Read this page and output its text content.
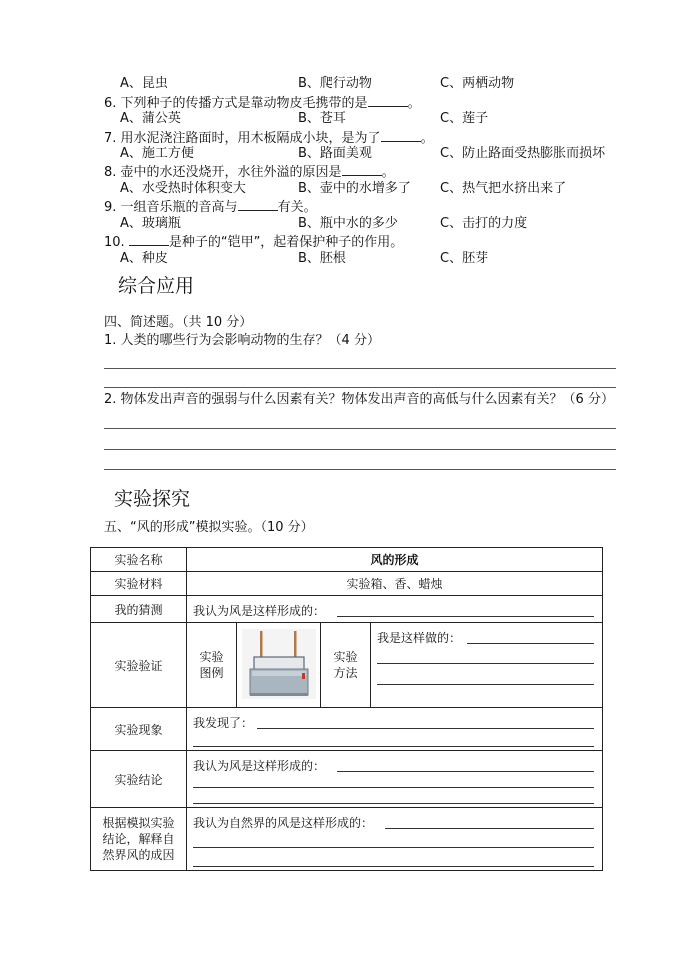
A、昆虫	B、爬行动物	C、两栖动物
6. 下列种子的传播方式是靠动物皮毛携带的是	。
A、蒲公英	B、苍耳	C、莲子
7. 用水泥浇注路面时，用木板隔成小块，是为了	。
A、施工方便	B、路面美观	C、防止路面受热膨胀而损坏
8. 壶中的水还没烧开，水往外溢的原因是	。
A、水受热时体积变大	B、壶中的水增多了 C、热气把水挤出来了
9. 一组音乐瓶的音高与	有关。
A、玻璃瓶	B、瓶中水的多少	C、击打的力度
10.	是种子的“铠甲”，起着保护种子的作用。
A、种皮	B、胚根	C、胚芽
综合应用
四、简述题。（共 10 分）
1. 人类的哪些行为会影响动物的生存？（4 分）
2. 物体发出声音的强弱与什么因素有关？物体发出声音的高低与什么因素有关？（6 分）
实验探究
五、“风的形成”模拟实验。（10 分）
实验名称	风的形成			
实验材料	实验箱、香、蜡烛			
我的猜测	我认为风是这样形成的：			

实验验证	实验图例		实验方法	我是这样做的：

实验现象	我发现了：			

实验结论	我认为风是这样形成的：			

根据模拟实验结论，解释自然界风的成因	我认为自然界的风是这样形成的：			
